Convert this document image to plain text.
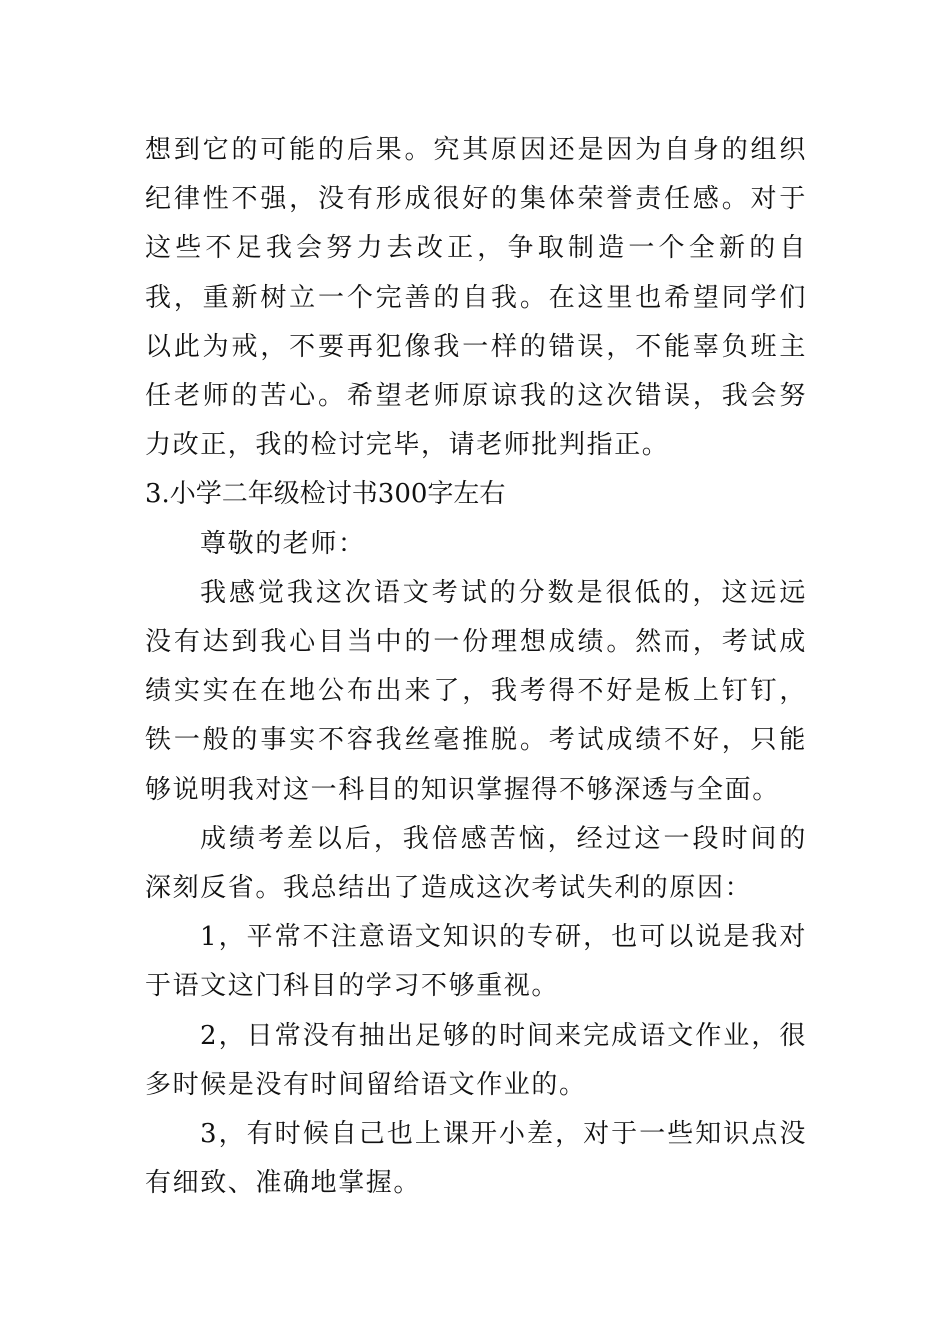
想到它的可能的后果。究其原因还是因为自身的组织纪律性不强，没有形成很好的集体荣誉责任感。对于这些不足我会努力去改正，争取制造一个全新的自我，重新树立一个完善的自我。在这里也希望同学们以此为戒，不要再犯像我一样的错误，不能辜负班主任老师的苦心。希望老师原谅我的这次错误，我会努力改正，我的检讨完毕，请老师批判指正。

3.小学二年级检讨书300字左右

尊敬的老师：

我感觉我这次语文考试的分数是很低的，这远远没有达到我心目当中的一份理想成绩。然而，考试成绩实实在在地公布出来了，我考得不好是板上钉钉，铁一般的事实不容我丝毫推脱。考试成绩不好，只能够说明我对这一科目的知识掌握得不够深透与全面。

成绩考差以后，我倍感苦恼，经过这一段时间的深刻反省。我总结出了造成这次考试失利的原因：

1，平常不注意语文知识的专研，也可以说是我对于语文这门科目的学习不够重视。

2，日常没有抽出足够的时间来完成语文作业，很多时候是没有时间留给语文作业的。

3，有时候自己也上课开小差，对于一些知识点没有细致、准确地掌握。
